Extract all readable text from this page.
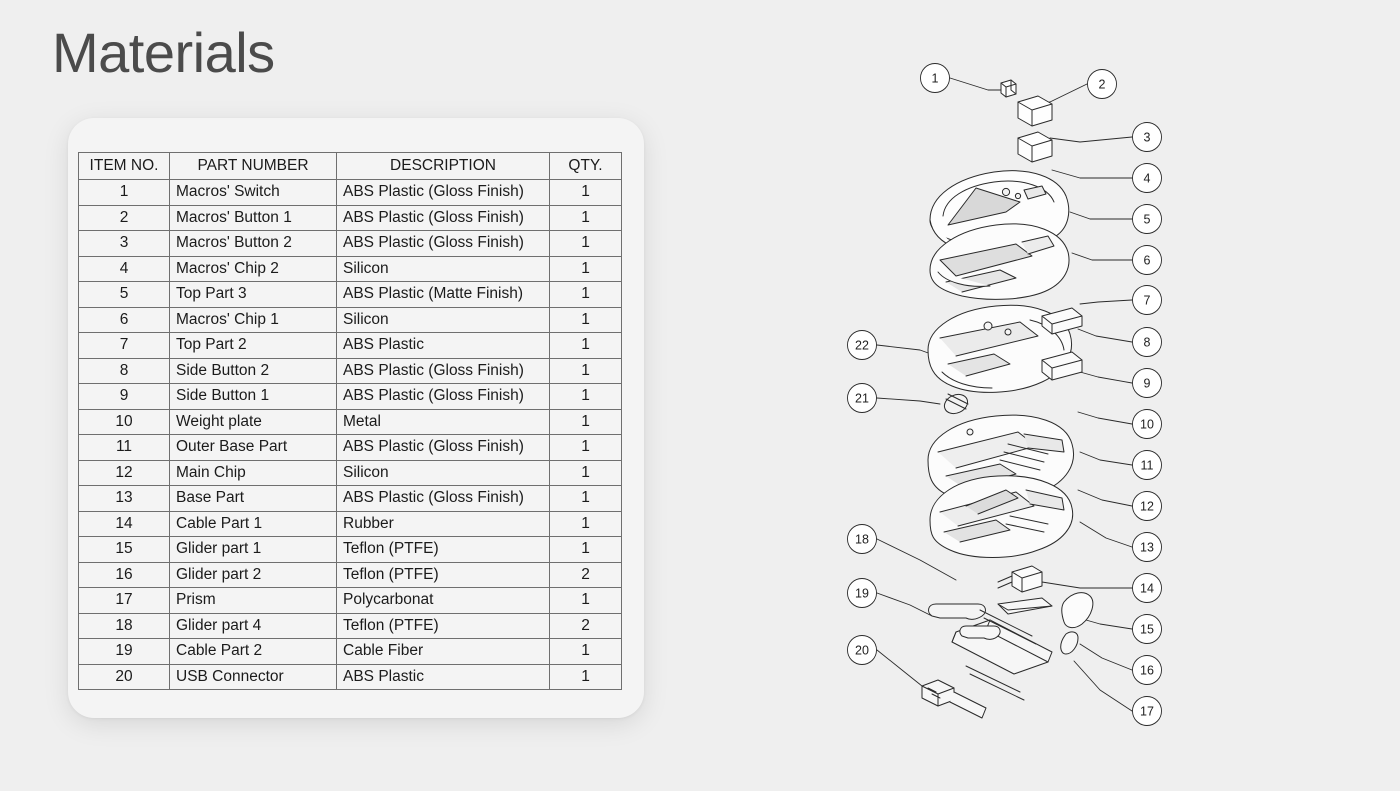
Materials
ITEM NO.	PART NUMBER	DESCRIPTION	QTY.
1	Macros' Switch	ABS Plastic (Gloss Finish)	1
2	Macros' Button 1	ABS Plastic (Gloss Finish)	1
3	Macros' Button 2	ABS Plastic (Gloss Finish)	1
4	Macros' Chip 2	Silicon	1
5	Top Part 3	ABS Plastic (Matte Finish)	1
6	Macros' Chip 1	Silicon	1
7	Top Part 2	ABS Plastic	1
8	Side Button 2	ABS Plastic (Gloss Finish)	1
9	Side Button 1	ABS Plastic (Gloss Finish)	1
10	Weight plate	Metal	1
11	Outer Base Part	ABS Plastic (Gloss Finish)	1
12	Main Chip	Silicon	1
13	Base Part	ABS Plastic (Gloss Finish)	1
14	Cable Part 1	Rubber	1
15	Glider part 1	Teflon (PTFE)	1
16	Glider part 2	Teflon (PTFE)	2
17	Prism	Polycarbonat	1
18	Glider part 4	Teflon (PTFE)	2
19	Cable Part 2	Cable Fiber	1
20	USB Connector	ABS Plastic	1
1	2
3
4
5
6
7
8
9
10
11
12
13
14
15
16
17
18
19
20
21
22
